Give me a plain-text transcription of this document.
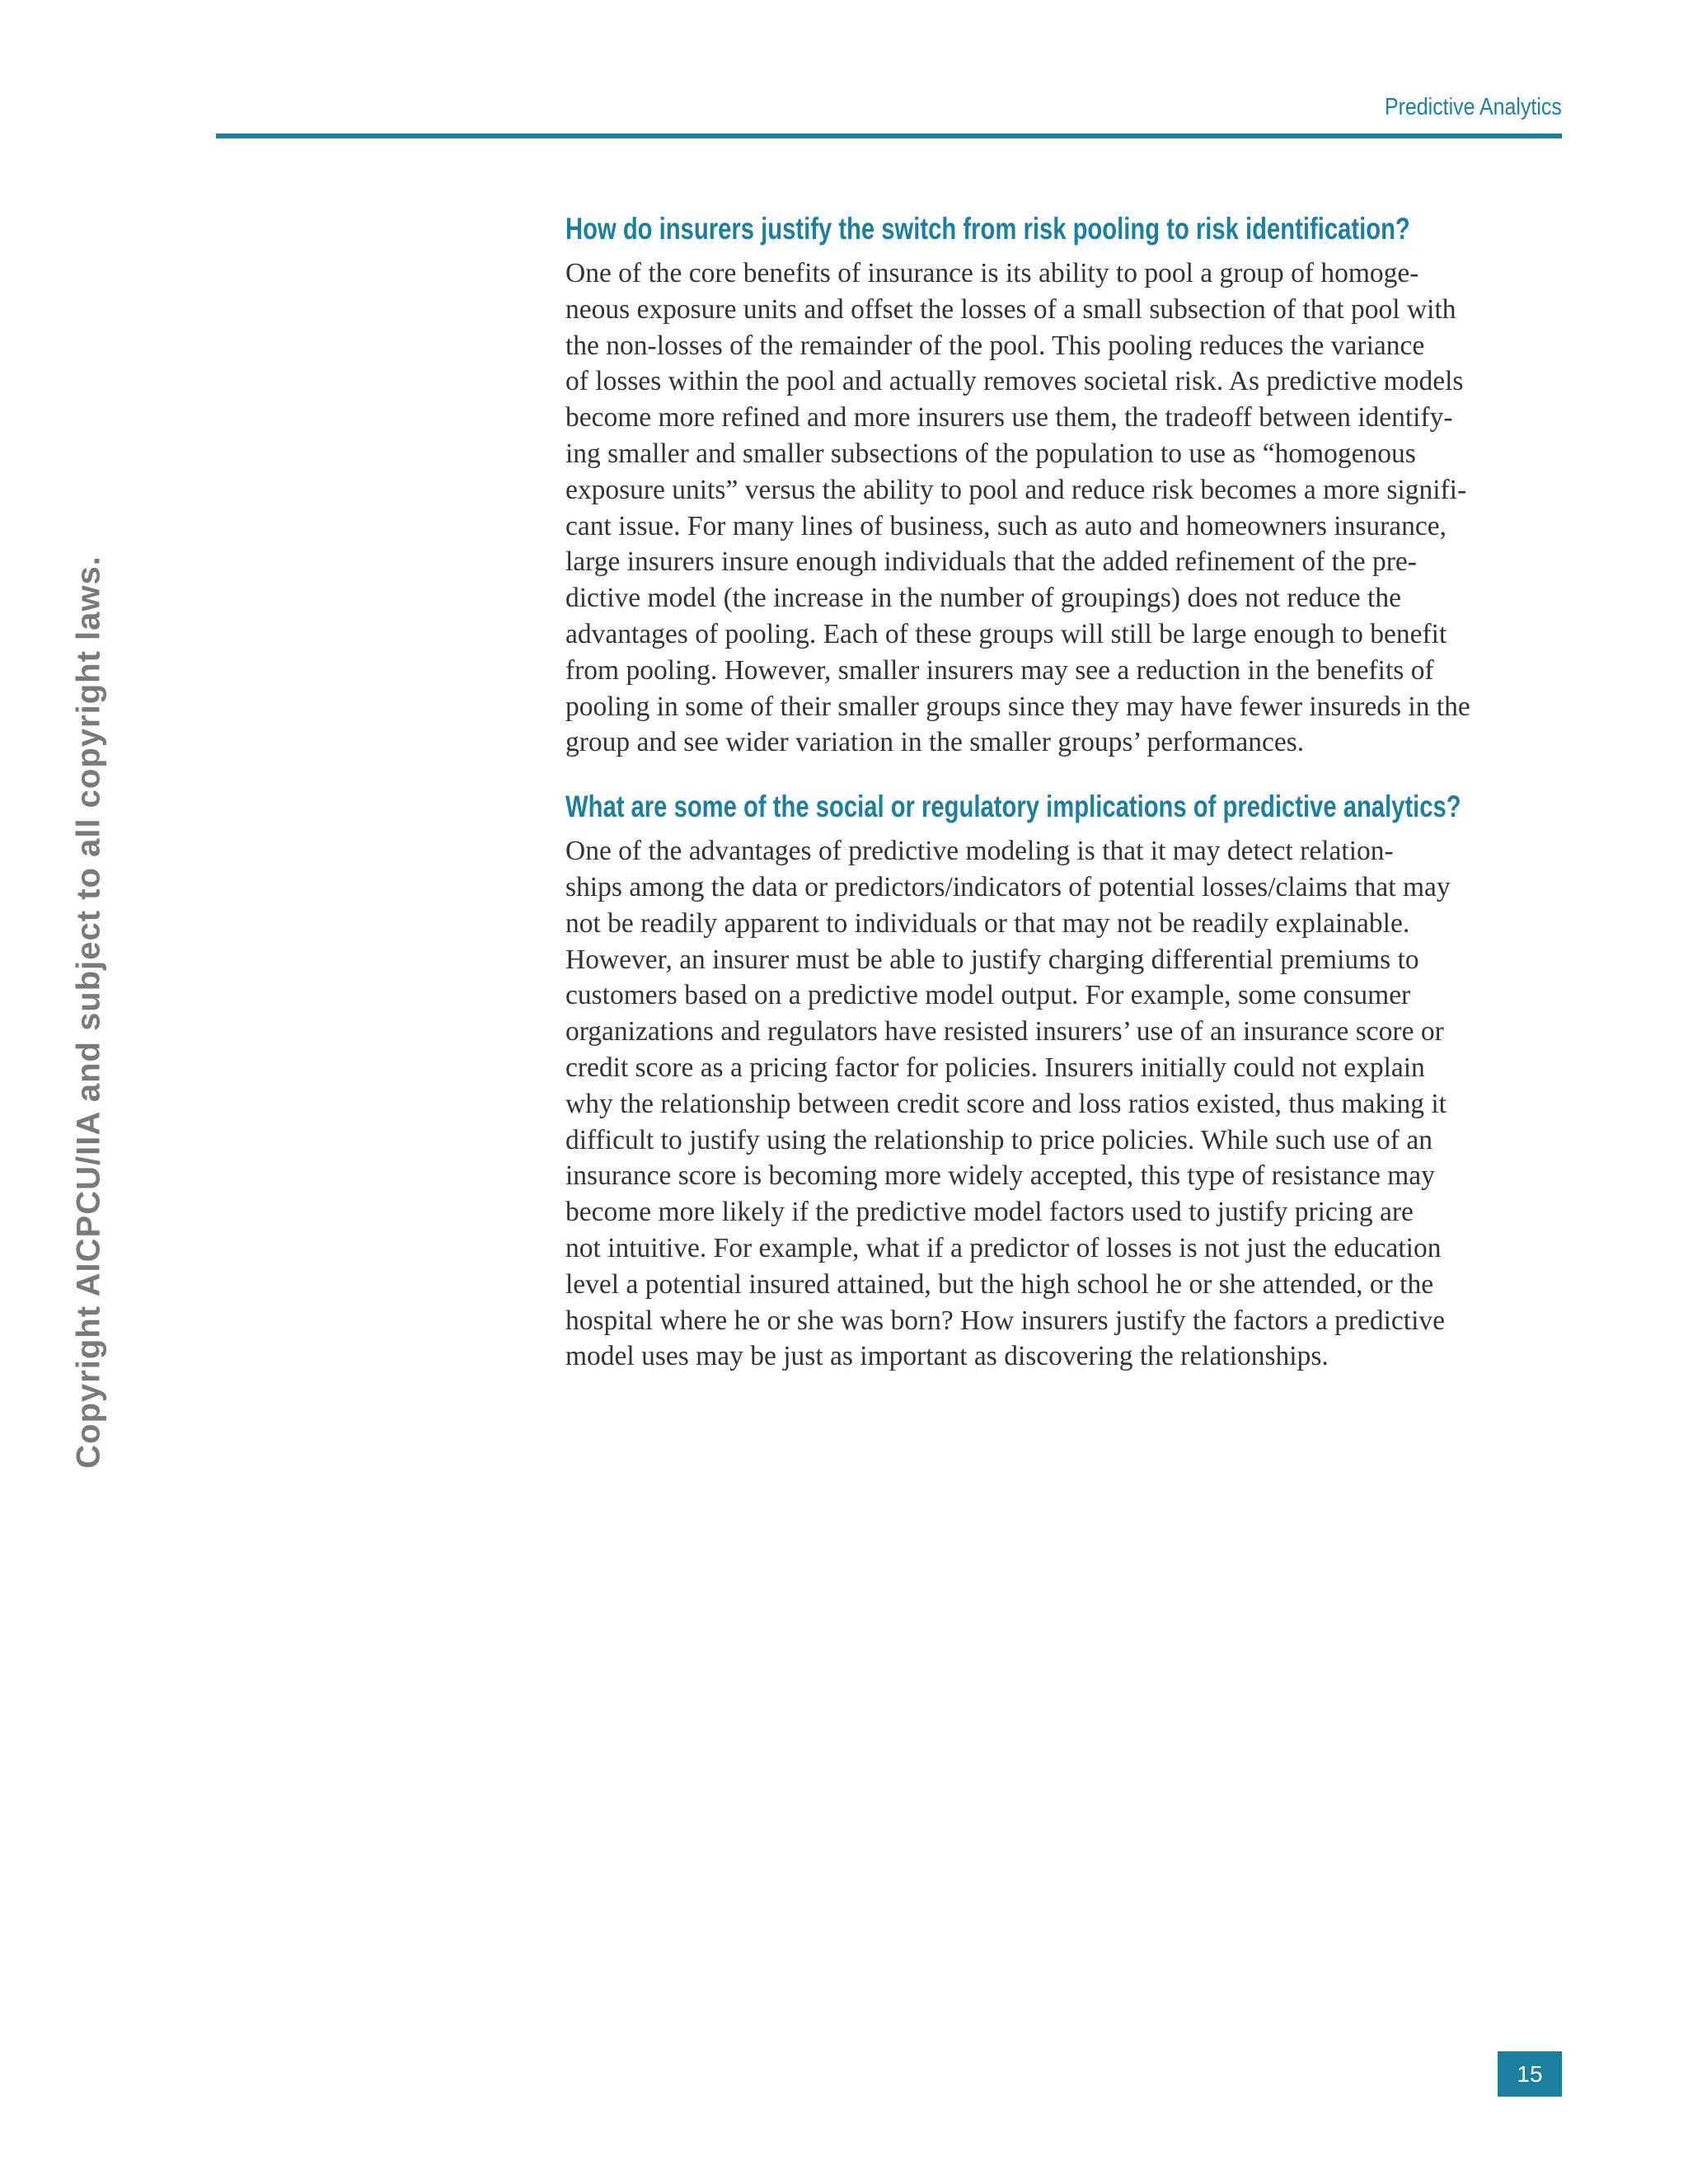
Predictive Analytics
Copyright AICPCU/IIA and subject to all copyright laws.
How do insurers justify the switch from risk pooling to risk identification?

One of the core benefits of insurance is its ability to pool a group of homoge-
neous exposure units and offset the losses of a small subsection of that pool with
the non-losses of the remainder of the pool. This pooling reduces the variance
of losses within the pool and actually removes societal risk. As predictive models
become more refined and more insurers use them, the tradeoff between identify-
ing smaller and smaller subsections of the population to use as “homogenous
exposure units” versus the ability to pool and reduce risk becomes a more signifi-
cant issue. For many lines of business, such as auto and homeowners insurance,
large insurers insure enough individuals that the added refinement of the pre-
dictive model (the increase in the number of groupings) does not reduce the
advantages of pooling. Each of these groups will still be large enough to benefit
from pooling. However, smaller insurers may see a reduction in the benefits of
pooling in some of their smaller groups since they may have fewer insureds in the
group and see wider variation in the smaller groups’ performances.

What are some of the social or regulatory implications of predictive analytics?

One of the advantages of predictive modeling is that it may detect relation-
ships among the data or predictors/indicators of potential losses/claims that may
not be readily apparent to individuals or that may not be readily explainable.
However, an insurer must be able to justify charging differential premiums to
customers based on a predictive model output. For example, some consumer
organizations and regulators have resisted insurers’ use of an insurance score or
credit score as a pricing factor for policies. Insurers initially could not explain
why the relationship between credit score and loss ratios existed, thus making it
difficult to justify using the relationship to price policies. While such use of an
insurance score is becoming more widely accepted, this type of resistance may
become more likely if the predictive model factors used to justify pricing are
not intuitive. For example, what if a predictor of losses is not just the education
level a potential insured attained, but the high school he or she attended, or the
hospital where he or she was born? How insurers justify the factors a predictive
model uses may be just as important as discovering the relationships.

15
